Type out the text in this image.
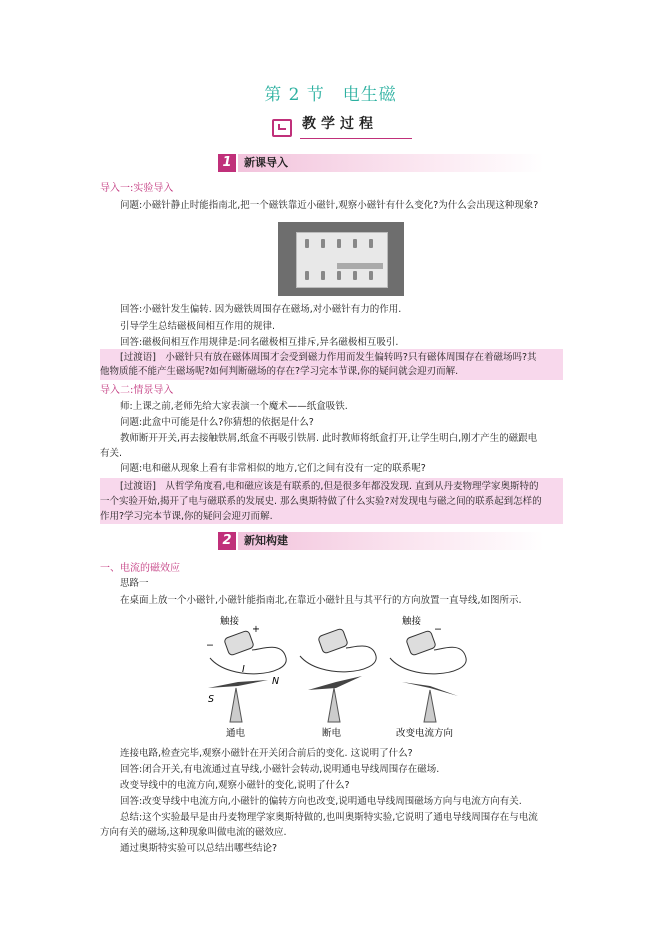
第 2 节　电生磁
教学过程
1	新课导入
导入一:实验导入
问题:小磁针静止时能指南北,把一个磁铁靠近小磁针,观察小磁针有什么变化?为什么会出现这种现象?
回答:小磁针发生偏转. 因为磁铁周围存在磁场,对小磁针有力的作用.
引导学生总结磁极间相互作用的规律.
回答:磁极间相互作用规律是:同名磁极相互排斥,异名磁极相互吸引.
[过渡语]　小磁针只有放在磁体周围才会受到磁力作用而发生偏转吗?只有磁体周围存在着磁场吗?其
他物质能不能产生磁场呢?如何判断磁场的存在?学习完本节课,你的疑问就会迎刃而解.
导入二:情景导入
师:上课之前,老师先给大家表演一个魔术——纸盒吸铁.
问题:此盒中可能是什么?你猜想的依据是什么?
教师断开开关,再去接触铁屑,纸盒不再吸引铁屑. 此时教师将纸盒打开,让学生明白,刚才产生的磁跟电
有关.
问题:电和磁从现象上看有非常相似的地方,它们之间有没有一定的联系呢?
[过渡语]　从哲学角度看,电和磁应该是有联系的,但是很多年都没发现. 直到从丹麦物理学家奥斯特的
一个实验开始,揭开了电与磁联系的发展史. 那么奥斯特做了什么实验?对发现电与磁之间的联系起到怎样的
作用?学习完本节课,你的疑问会迎刃而解.
2	新知构建
一、电流的磁效应
思路一
在桌面上放一个小磁针,小磁针能指南北,在靠近小磁针且与其平行的方向放置一直导线,如图所示.
触接
+
−
I
N
S
通电	断电
触接
−
改变电流方向
连接电路,检查完毕,观察小磁针在开关闭合前后的变化. 这说明了什么?
回答:闭合开关,有电流通过直导线,小磁针会转动,说明通电导线周围存在磁场.
改变导线中的电流方向,观察小磁针的变化,说明了什么?
回答:改变导线中电流方向,小磁针的偏转方向也改变,说明通电导线周围磁场方向与电流方向有关.
总结:这个实验最早是由丹麦物理学家奥斯特做的,也叫奥斯特实验,它说明了通电导线周围存在与电流
方向有关的磁场,这种现象叫做电流的磁效应.
通过奥斯特实验可以总结出哪些结论?
